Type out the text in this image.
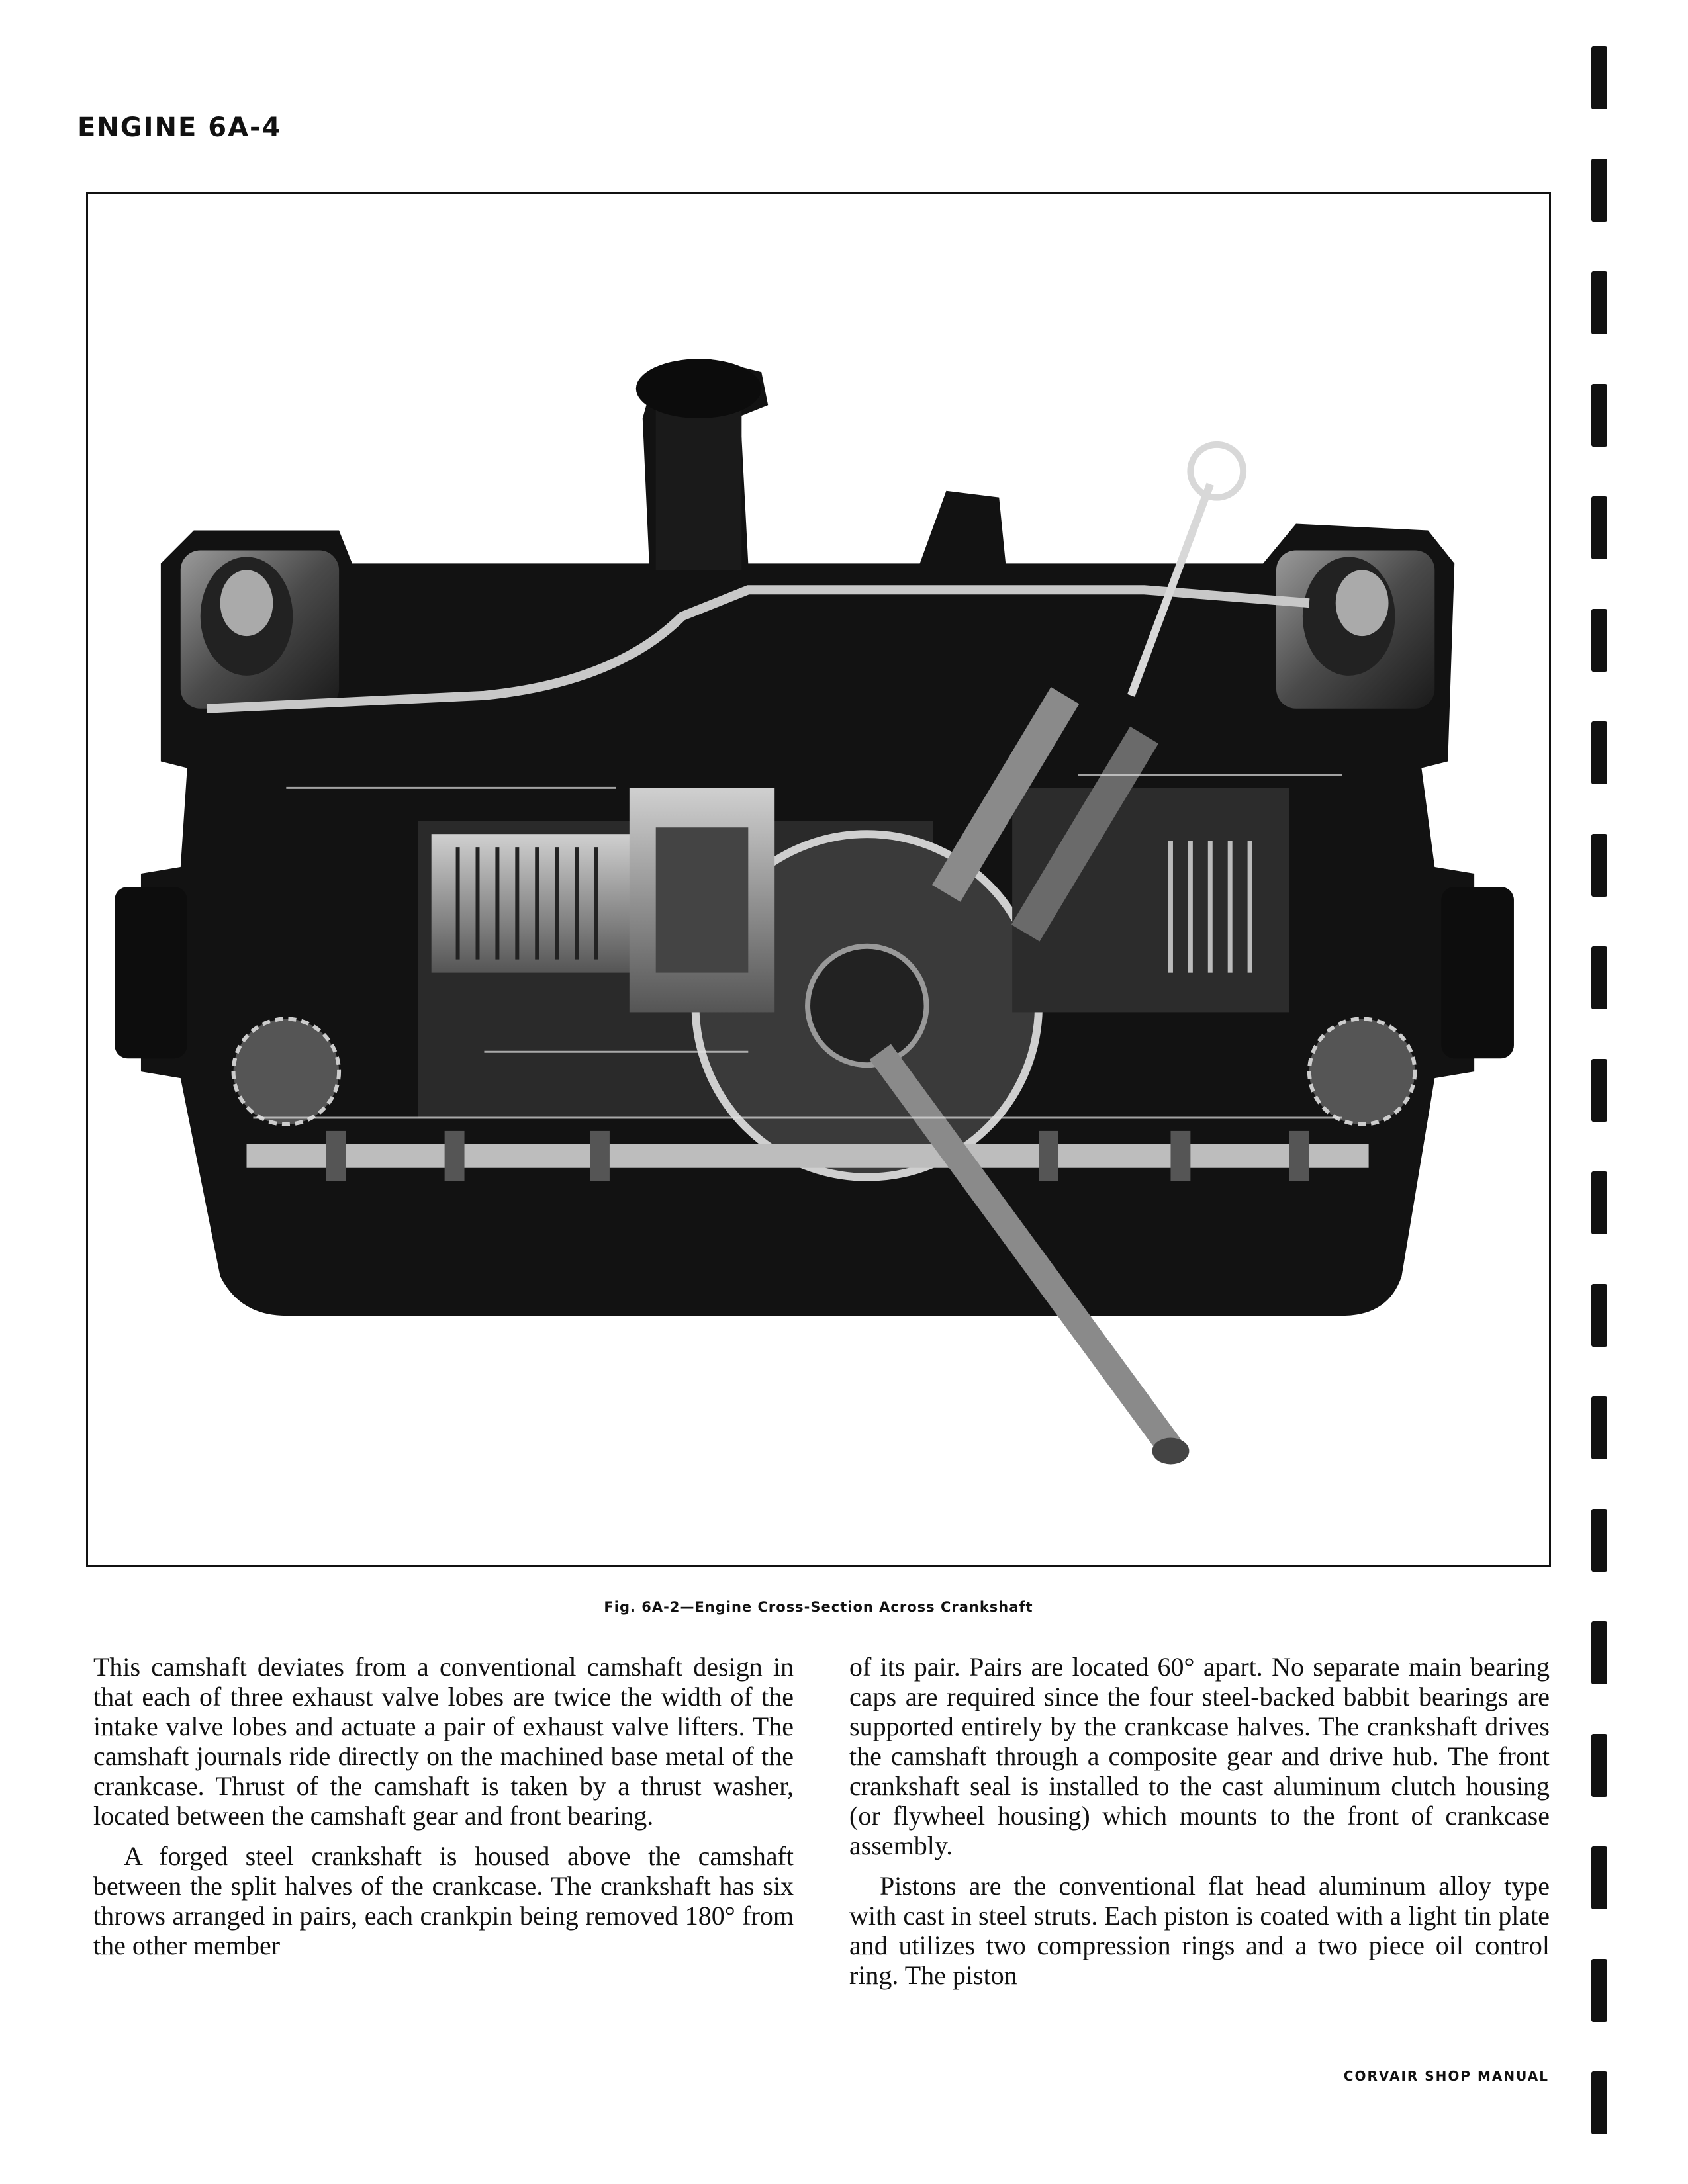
ENGINE 6A-4
Fig. 6A-2—Engine Cross-Section Across Crankshaft

This camshaft deviates from a conventional camshaft design in that each of three exhaust valve lobes are twice the width of the intake valve lobes and actuate a pair of exhaust valve lifters. The camshaft journals ride directly on the machined base metal of the crankcase. Thrust of the camshaft is taken by a thrust washer, located between the camshaft gear and front bearing.

A forged steel crankshaft is housed above the camshaft between the split halves of the crankcase. The crankshaft has six throws arranged in pairs, each crankpin being removed 180° from the other member

of its pair. Pairs are located 60° apart. No separate main bearing caps are required since the four steel-backed babbit bearings are supported entirely by the crankcase halves. The crankshaft drives the camshaft through a composite gear and drive hub. The front crankshaft seal is installed to the cast aluminum clutch housing (or flywheel housing) which mounts to the front of crankcase assembly.

Pistons are the conventional flat head aluminum alloy type with cast in steel struts. Each piston is coated with a light tin plate and utilizes two compression rings and a two piece oil control ring. The piston

CORVAIR SHOP MANUAL
